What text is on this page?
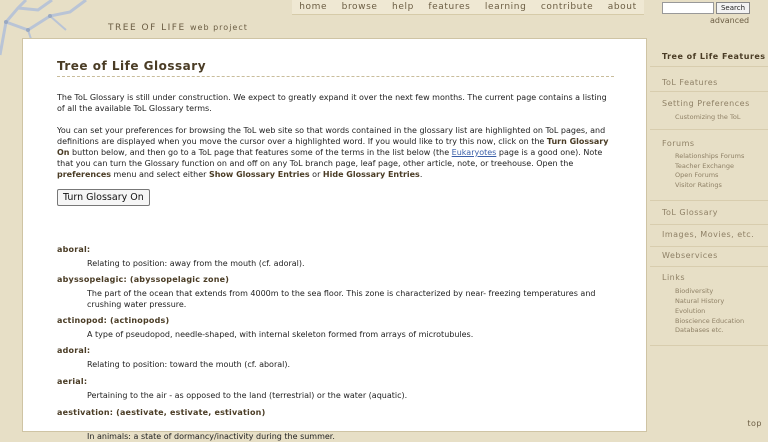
TREE OF LIFE web project
home browse help features learning contribute about	Search
advanced
Tree of Life Glossary

The ToL Glossary is still under construction. We expect to greatly expand it over the next few months. The current page contains a listing of all the available ToL Glossary terms.

You can set your preferences for browsing the ToL web site so that words contained in the glossary list are highlighted on ToL pages, and definitions are displayed when you move the cursor over a highlighted word. If you would like to try this now, click on the Turn Glossary On button below, and then go to a ToL page that features some of the terms in the list below (the Eukaryotes page is a good one). Note that you can turn the Glossary function on and off on any ToL branch page, leaf page, other article, note, or treehouse. Open the preferences menu and select either Show Glossary Entries or Hide Glossary Entries.

Turn Glossary On
aboral:
Relating to position: away from the mouth (cf. adoral).
abyssopelagic: (abyssopelagic zone)
The part of the ocean that extends from 4000m to the sea floor. This zone is characterized by near- freezing temperatures and crushing water pressure.
actinopod: (actinopods)
A type of pseudopod, needle-shaped, with internal skeleton formed from arrays of microtubules.
adoral:
Relating to position: toward the mouth (cf. aboral).
aerial:
Pertaining to the air - as opposed to the land (terrestrial) or the water (aquatic).
aestivation: (aestivate, estivate, estivation)
In animals: a state of dormancy/inactivity during the summer.
Tree of Life Features
ToL Features
Setting Preferences
Customizing the ToL
Forums
Relationships Forums
Teacher Exchange
Open Forums
Visitor Ratings
ToL Glossary
Images, Movies, etc.
Webservices
Links
Biodiversity
Natural History
Evolution
Bioscience Education
Databases etc.
top
